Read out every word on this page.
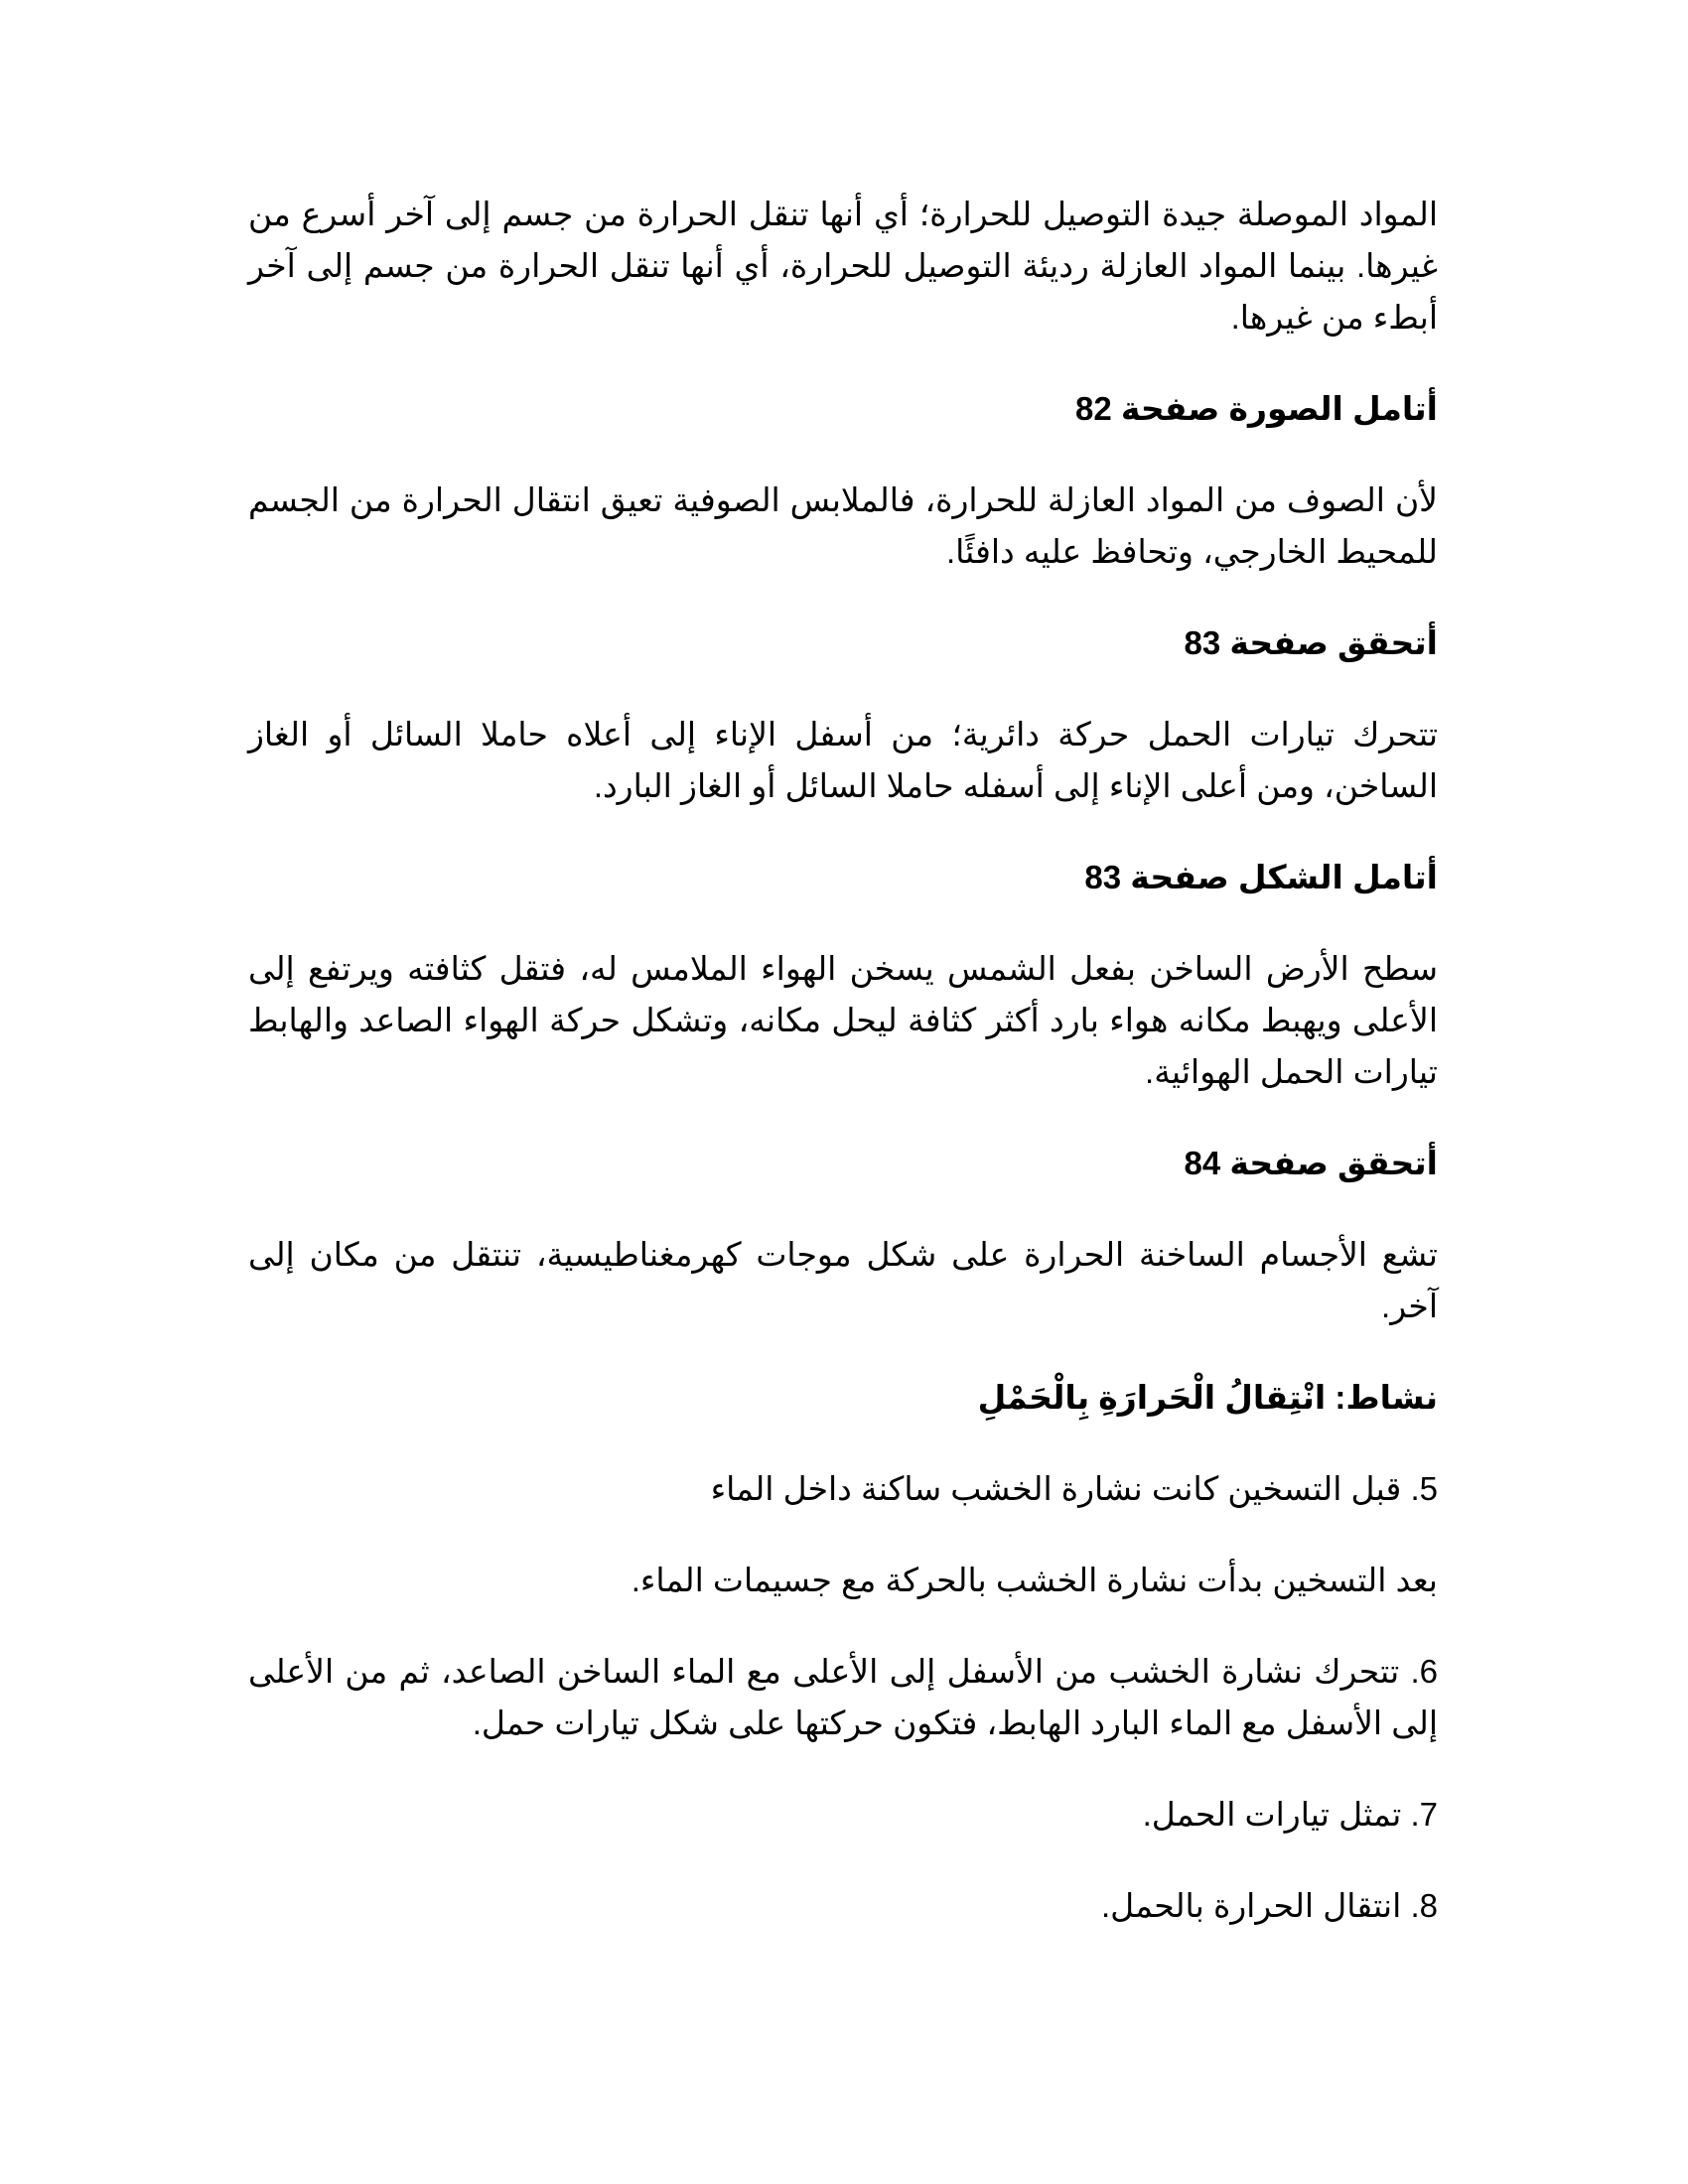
المواد الموصلة جيدة التوصيل للحرارة؛ أي أنها تنقل الحرارة من جسم إلى آخر أسرع من غيرها. بينما المواد العازلة رديئة التوصيل للحرارة، أي أنها تنقل الحرارة من جسم إلى آخر أبطء من غيرها.

أتامل الصورة صفحة 82

لأن الصوف من المواد العازلة للحرارة، فالملابس الصوفية تعيق انتقال الحرارة من الجسم للمحيط الخارجي، وتحافظ عليه دافئًا.

أتحقق صفحة 83

تتحرك تيارات الحمل حركة دائرية؛ من أسفل الإناء إلى أعلاه حاملا السائل أو الغاز الساخن، ومن أعلى الإناء إلى أسفله حاملا السائل أو الغاز البارد.

أتامل الشكل صفحة 83

سطح الأرض الساخن بفعل الشمس يسخن الهواء الملامس له، فتقل كثافته ويرتفع إلى الأعلى ويهبط مكانه هواء بارد أكثر كثافة ليحل مكانه، وتشكل حركة الهواء الصاعد والهابط تيارات الحمل الهوائية.

أتحقق صفحة 84

تشع الأجسام الساخنة الحرارة على شكل موجات كهرمغناطيسية، تنتقل من مكان إلى آخر.

نشاط: انْتِقالُ الْحَرارَةِ بِالْحَمْلِ

5. قبل التسخين كانت نشارة الخشب ساكنة داخل الماء

بعد التسخين بدأت نشارة الخشب بالحركة مع جسيمات الماء.

6. تتحرك نشارة الخشب من الأسفل إلى الأعلى مع الماء الساخن الصاعد، ثم من الأعلى إلى الأسفل مع الماء البارد الهابط، فتكون حركتها على شكل تيارات حمل.

7. تمثل تيارات الحمل.

8. انتقال الحرارة بالحمل.
